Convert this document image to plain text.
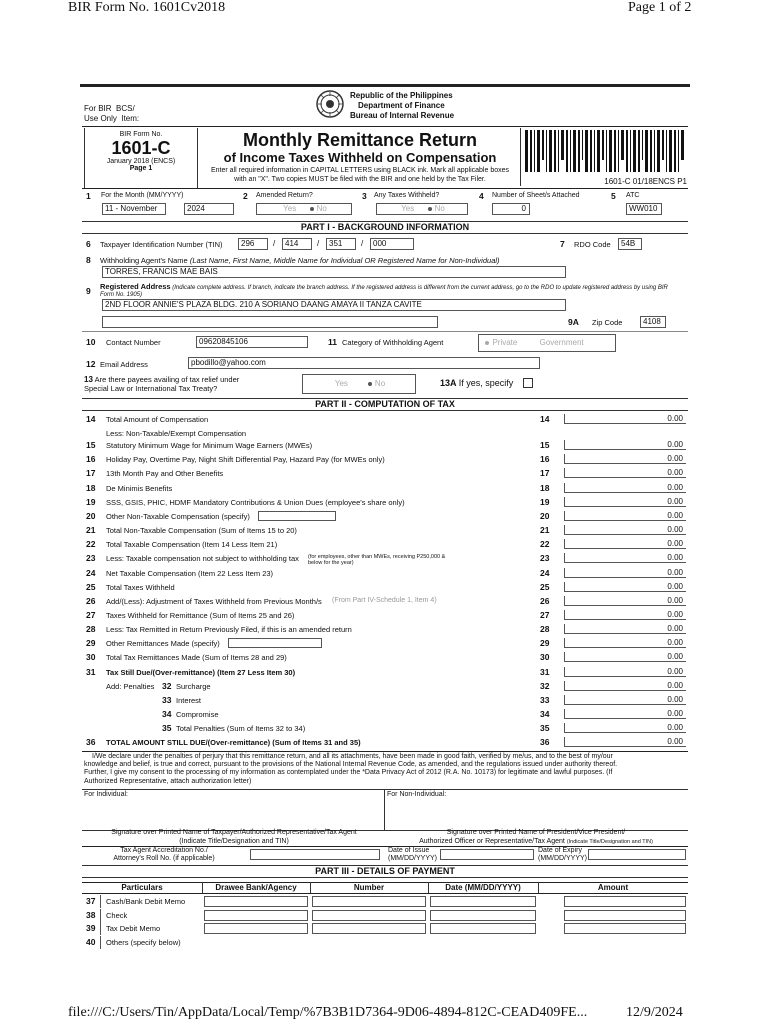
BIR Form No. 1601Cv2018	Page 1 of 2
For BIR BCS/
Use Only Item:
Republic of the Philippines
Department of Finance
Bureau of Internal Revenue
BIR Form No.
1601-C
January 2018 (ENCS)
Page 1
Monthly Remittance Return
of Income Taxes Withheld on Compensation
Enter all required information in CAPITAL LETTERS using BLACK ink. Mark all applicable boxes
with an "X". Two copies MUST be filed with the BIR and one held by the Tax Filer.	1601-C 01/18ENCS P1
1 For the Month (MM/YYYY)
11 - November	2024
2 Amended Return?
Yes	No
3 Any Taxes Withheld?
Yes	No
4 Number of Sheet/s Attached
0
5 ATC
WW010
PART I - BACKGROUND INFORMATION
6 Taxpayer Identification Number (TIN)	296	/	414	/	351	/	000	7 RDO Code	54B
8 Withholding Agent's Name (Last Name, First Name, Middle Name for Individual OR Registered Name for Non-Individual)
TORRES, FRANCIS MAE BAIS
9 Registered Address (Indicate complete address. If branch, indicate the branch address. If the registered address is different from the current address, go to the RDO to update registered address by using BIR Form No. 1905)
2ND FLOOR ANNIE'S PLAZA BLDG. 210 A SORIANO DAANG AMAYA II TANZA CAVITE
9A Zip Code	4108
10 Contact Number	09620845106	11 Category of Withholding Agent	Private	Government
12 Email Address	pbodillo@yahoo.com
13 Are there payees availing of tax relief under
Special Law or International Tax Treaty?
Yes	No	13A If yes, specify
PART II - COMPUTATION OF TAX
14 Total Amount of Compensation	14	0.00
15 Statutory Minimum Wage for Minimum Wage Earners (MWEs)	15	0.00
16 Holiday Pay, Overtime Pay, Night Shift Differential Pay, Hazard Pay (for MWEs only)	16	0.00
17 13th Month Pay and Other Benefits	17	0.00
18 De Minimis Benefits	18	0.00
19 SSS, GSIS, PHIC, HDMF Mandatory Contributions & Union Dues (employee's share only)	19	0.00
20 Other Non-Taxable Compensation (specify)	20	0.00
21 Total Non-Taxable Compensation (Sum of Items 15 to 20)	21	0.00
22 Total Taxable Compensation (Item 14 Less Item 21)	22	0.00
23 Less: Taxable compensation not subject to withholding tax (for employees, other than MWEs, receiving P250,000 & below for the year)	23	0.00
24 Net Taxable Compensation (Item 22 Less Item 23)	24	0.00
25 Total Taxes Withheld	25	0.00
26 Add/(Less): Adjustment of Taxes Withheld from Previous Month/s (From Part IV-Schedule 1, Item 4)	26	0.00
27 Taxes Withheld for Remittance (Sum of Items 25 and 26)	27	0.00
28 Less: Tax Remitted in Return Previously Filed, if this is an amended return	28	0.00
29 Other Remittances Made (specify)	29	0.00
30 Total Tax Remittances Made (Sum of Items 28 and 29)	30	0.00
31 Tax Still Due/(Over-remittance) (Item 27 Less Item 30)	31	0.00
32 Surcharge	32	0.00
33 Interest	33	0.00
34 Compromise	34	0.00
35 Total Penalties (Sum of Items 32 to 34)	35	0.00
36 TOTAL AMOUNT STILL DUE/(Over-remittance) (Sum of Items 31 and 35)	36	0.00
Less: Non-Taxable/Exempt Compensation
Add: Penalties
I/We declare under the penalties of perjury that this remittance return, and all its attachments, have been made in good faith, verified by me/us, and to the best of my/our
knowledge and belief, is true and correct, pursuant to the provisions of the National Internal Revenue Code, as amended, and the regulations issued under authority thereof.
Further, I give my consent to the processing of my information as contemplated under the *Data Privacy Act of 2012 (R.A. No. 10173) for legitimate and lawful purposes. (If
Authorized Representative, attach authorization letter)
For Individual:	For Non-Individual:
Signature over Printed Name of Taxpayer/Authorized Representative/Tax Agent
(Indicate Title/Designation and TIN)
Signature over Printed Name of President/Vice President/
Authorized Officer or Representative/Tax Agent (Indicate Title/Designation and TIN)
Tax Agent Accreditation No./
Attorney's Roll No. (if applicable)
Date of Issue
(MM/DD/YYYY)
Date of Expiry
(MM/DD/YYYY)
PART III - DETAILS OF PAYMENT
Particulars	Drawee Bank/Agency	Number	Date (MM/DD/YYYY)	Amount
37 Cash/Bank Debit Memo
38 Check
39 Tax Debit Memo
40 Others (specify below)
file:///C:/Users/Tin/AppData/Local/Temp/%7B3B1D7364-9D06-4894-812C-CEAD409FE...	12/9/2024
